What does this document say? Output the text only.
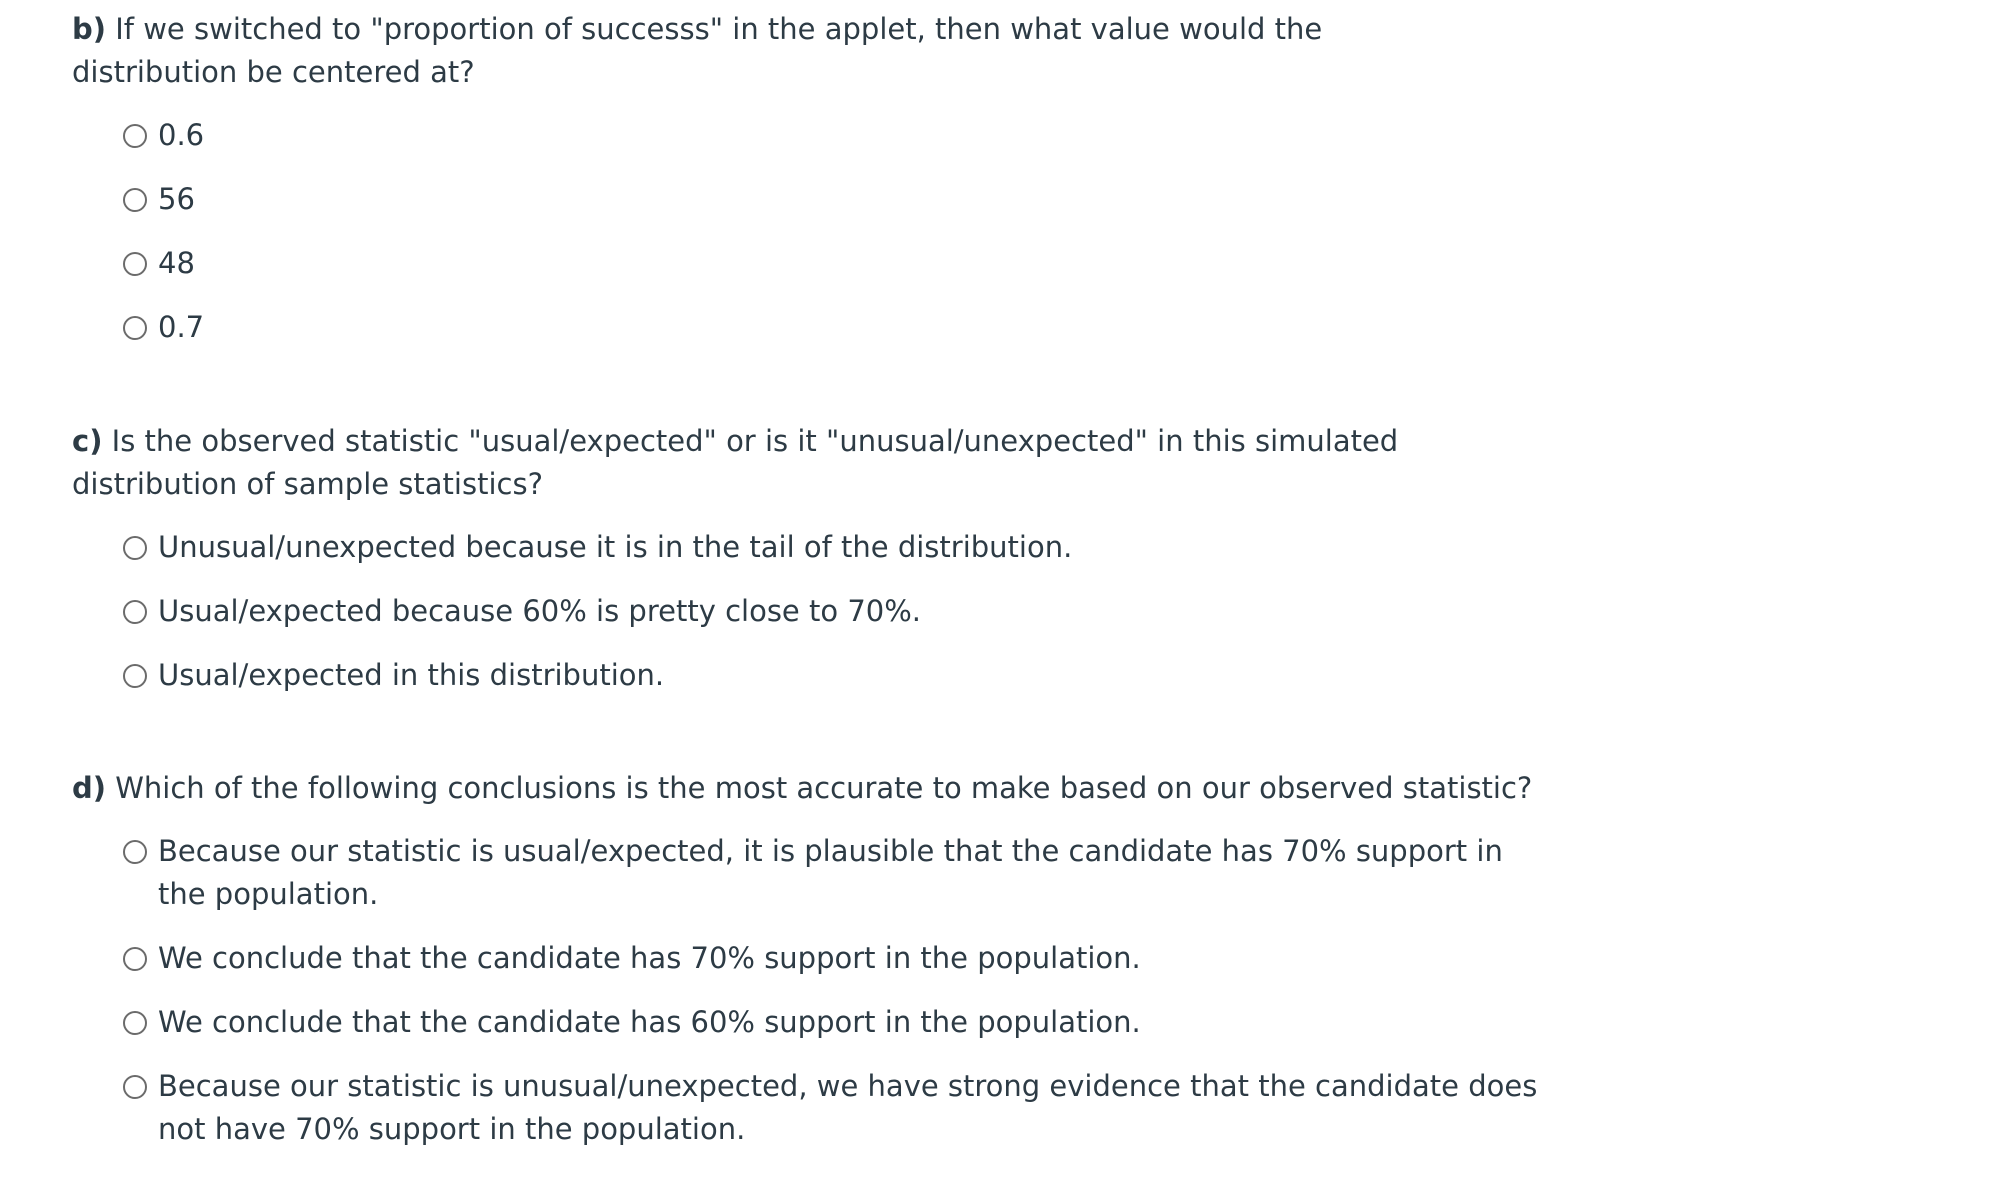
b) If we switched to "proportion of successs" in the applet, then what value would the distribution be centered at?

0.6
56
48
0.7

c) Is the observed statistic "usual/expected" or is it "unusual/unexpected" in this simulated distribution of sample statistics?

Unusual/unexpected because it is in the tail of the distribution.
Usual/expected because 60% is pretty close to 70%.
Usual/expected in this distribution.

d) Which of the following conclusions is the most accurate to make based on our observed statistic?

Because our statistic is usual/expected, it is plausible that the candidate has 70% support in the population.
We conclude that the candidate has 70% support in the population.
We conclude that the candidate has 60% support in the population.
Because our statistic is unusual/unexpected, we have strong evidence that the candidate does not have 70% support in the population.
